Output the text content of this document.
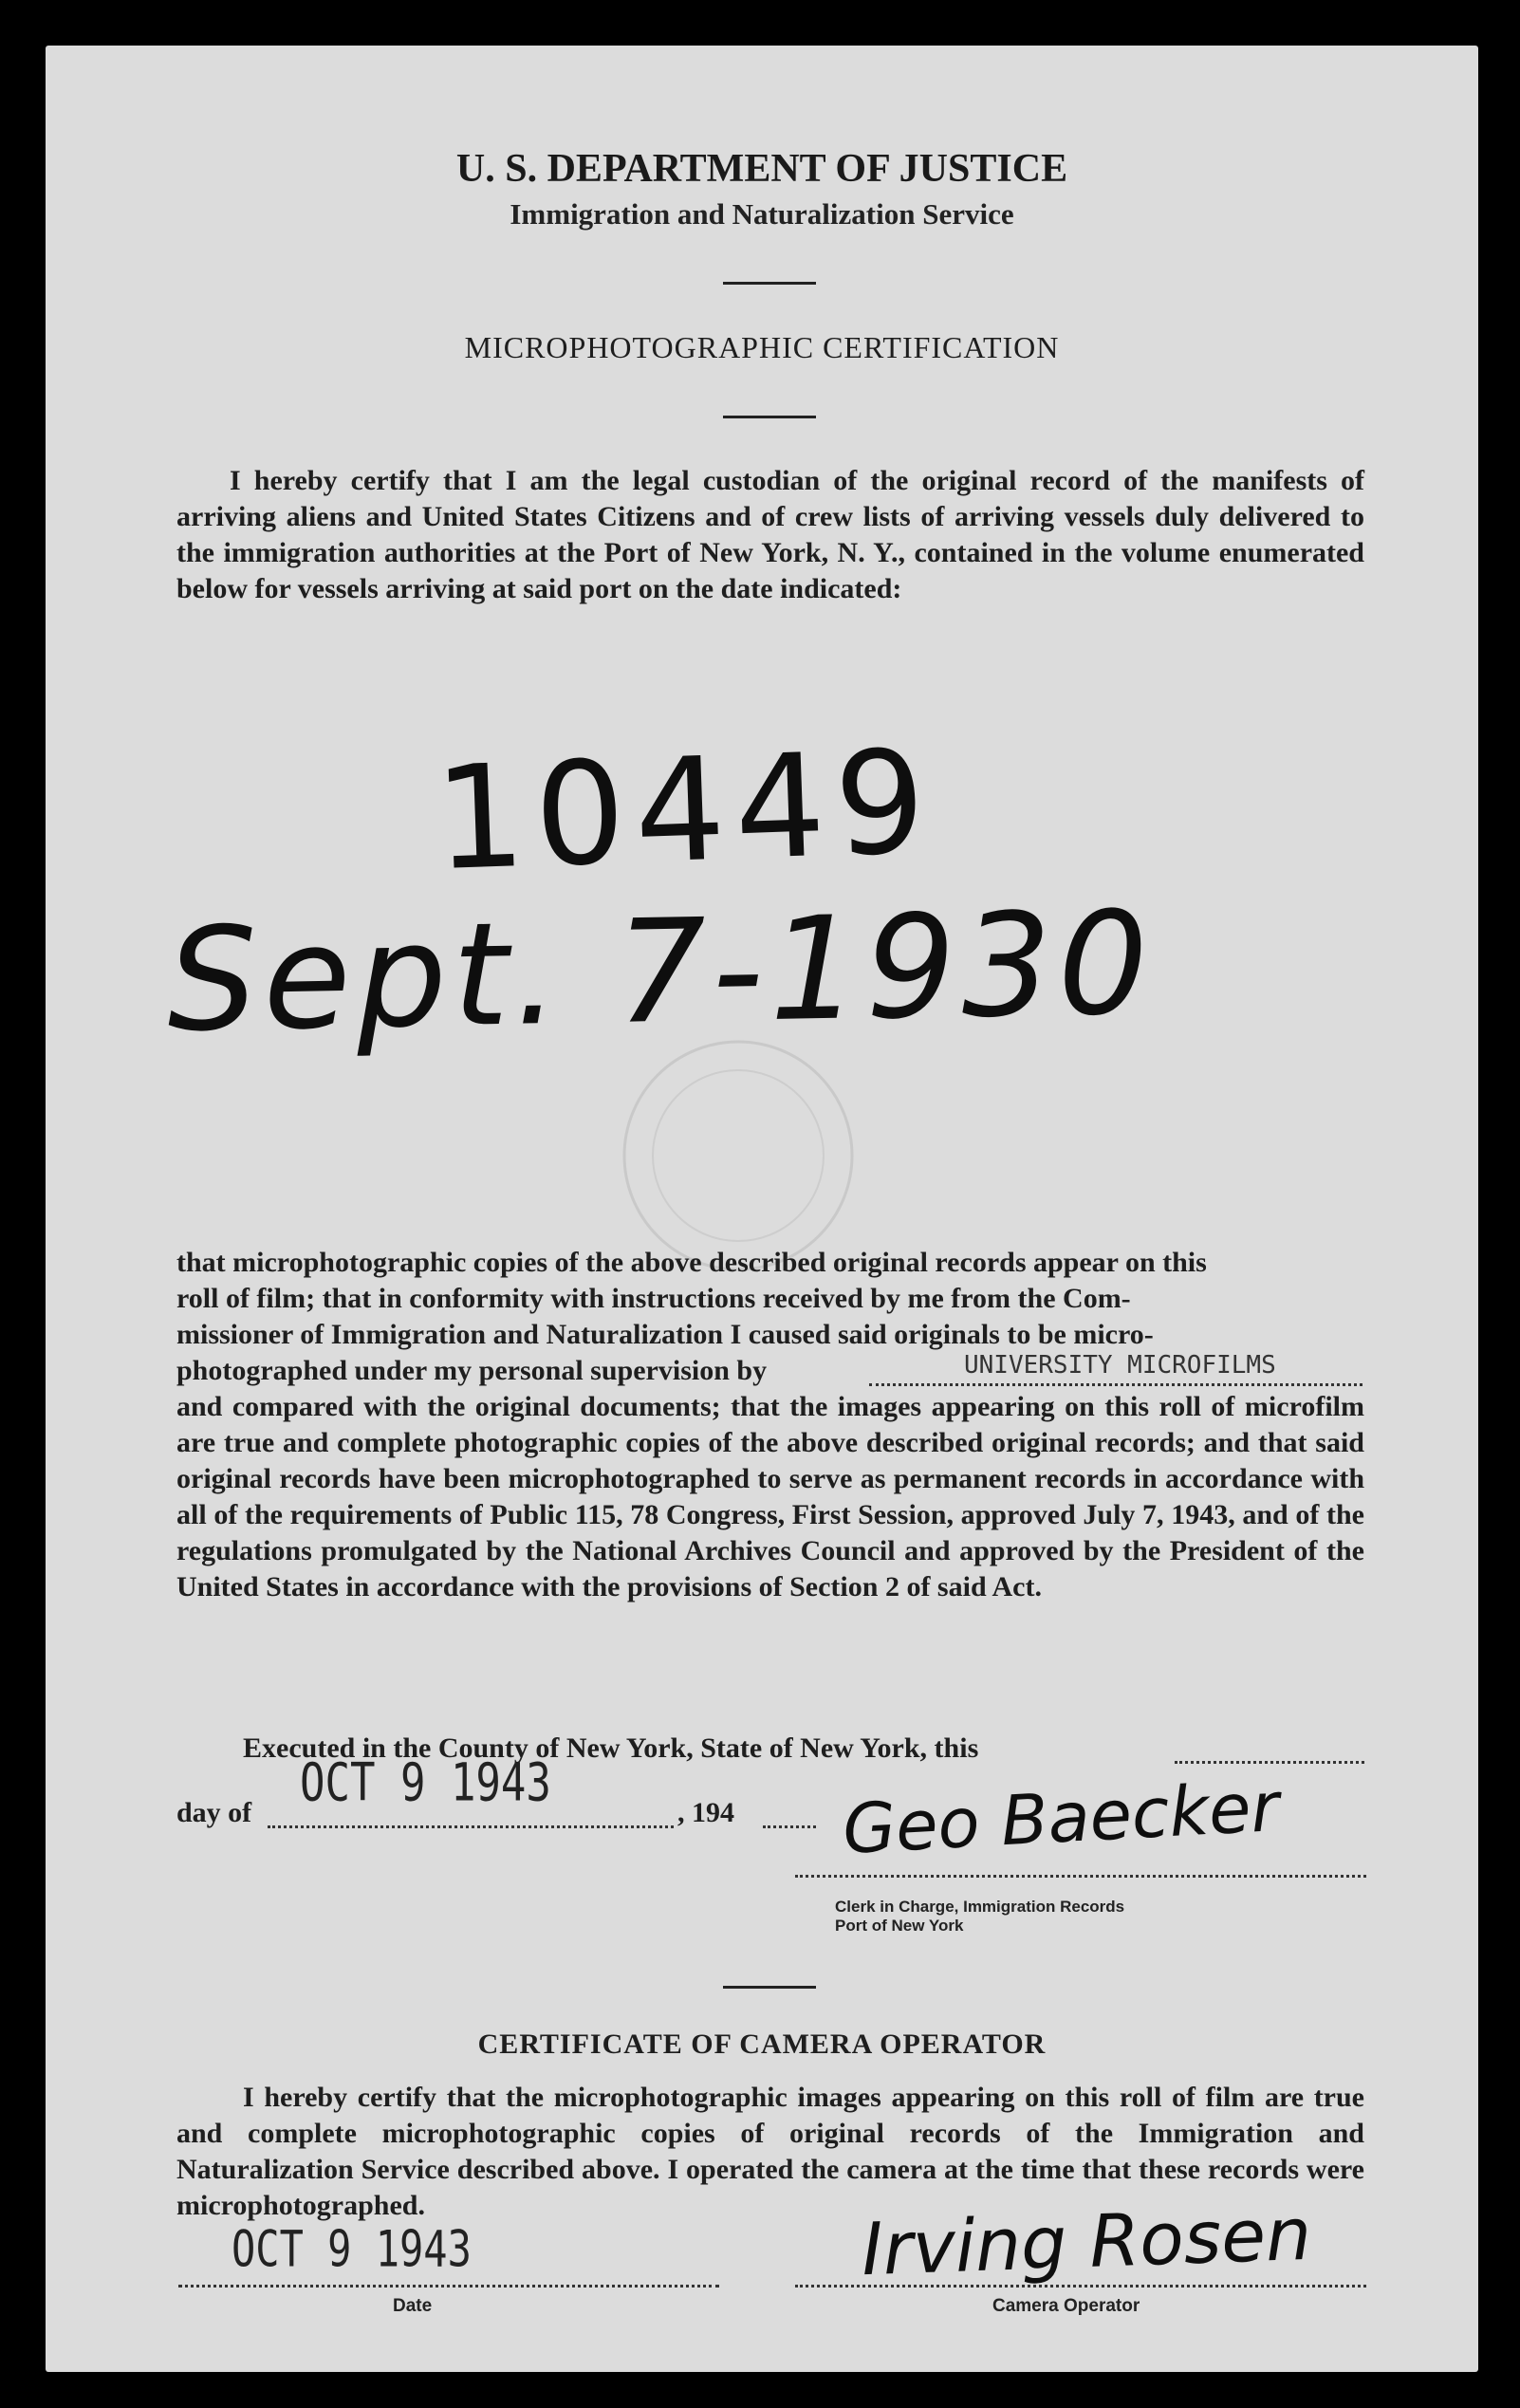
U. S. DEPARTMENT OF JUSTICE
Immigration and Naturalization Service
MICROPHOTOGRAPHIC CERTIFICATION
I hereby certify that I am the legal custodian of the original record of the manifests of arriving aliens and United States Citizens and of crew lists of arriving vessels duly delivered to the immigration authorities at the Port of New York, N. Y., contained in the volume enumerated below for vessels arriving at said port on the date indicated:
10449
Sept. 7-1930
that microphotographic copies of the above described original records appear on this
roll of film; that in conformity with instructions received by me from the Com-
missioner of Immigration and Naturalization I caused said originals to be micro-
photographed under my personal supervision by	UNIVERSITY MICROFILMS
and compared with the original documents; that the images appearing on this roll of microfilm are true and complete photographic copies of the above described original records; and that said original records have been microphotographed to serve as permanent records in accordance with all of the requirements of Public 115, 78 Congress, First Session, approved July 7, 1943, and of the regulations promulgated by the National Archives Council and approved by the President of the United States in accordance with the provisions of Section 2 of said Act.
Executed in the County of New York, State of New York, this
day of	, 194
OCT 9 1943	Geo Baecker
Clerk in Charge, Immigration Records
Port of New York
CERTIFICATE OF CAMERA OPERATOR
I hereby certify that the microphotographic images appearing on this roll of film are true and complete microphotographic copies of original records of the Immigration and Naturalization Service described above. I operated the camera at the time that these records were microphotographed.
OCT 9 1943
Date
Irving Rosen
Camera Operator
